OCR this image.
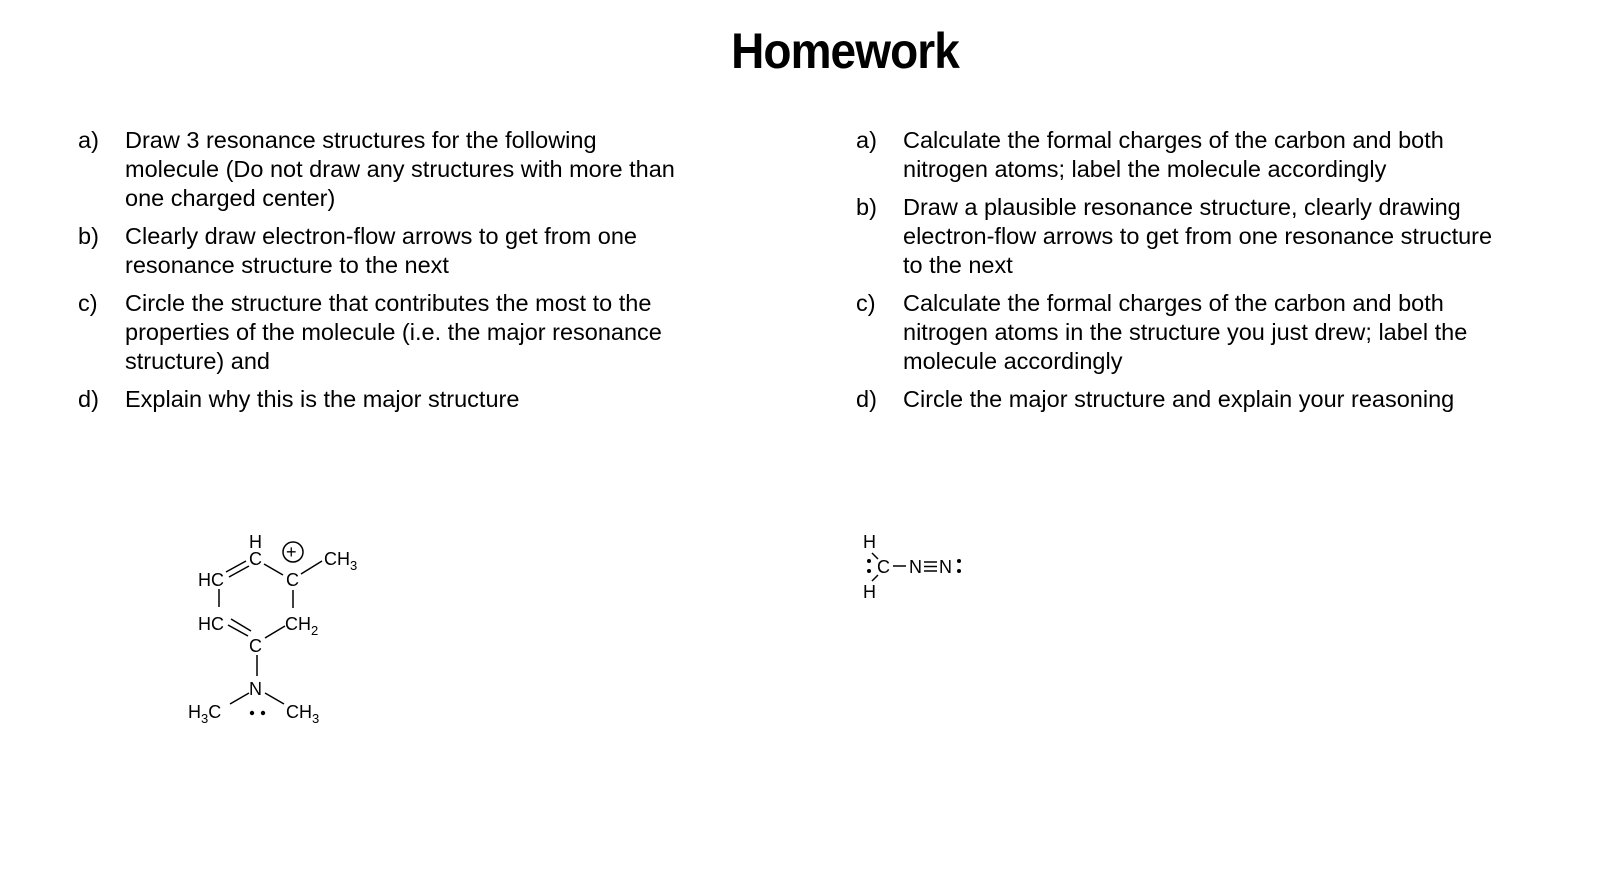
Homework
a)	Draw 3 resonance structures for the following molecule (Do not draw any structures with more than one charged center)
b)	Clearly draw electron-flow arrows to get from one resonance structure to the next
c)	Circle the structure that contributes the most to the properties of the molecule (i.e. the major resonance structure) and
d)	Explain why this is the major structure
a)	Calculate the formal charges of the carbon and both nitrogen atoms; label the molecule accordingly
b)	Draw a plausible resonance structure, clearly drawing electron-flow arrows to get from one resonance structure to the next
c)	Calculate the formal charges of the carbon and both nitrogen atoms in the structure you just drew; label the molecule accordingly
d)	Circle the major structure and explain your reasoning
H
$C + CH_3$
C
HC
HC	$CH_2$
C
N
$H_3C$	$CH_3$
H
C
H
N N
